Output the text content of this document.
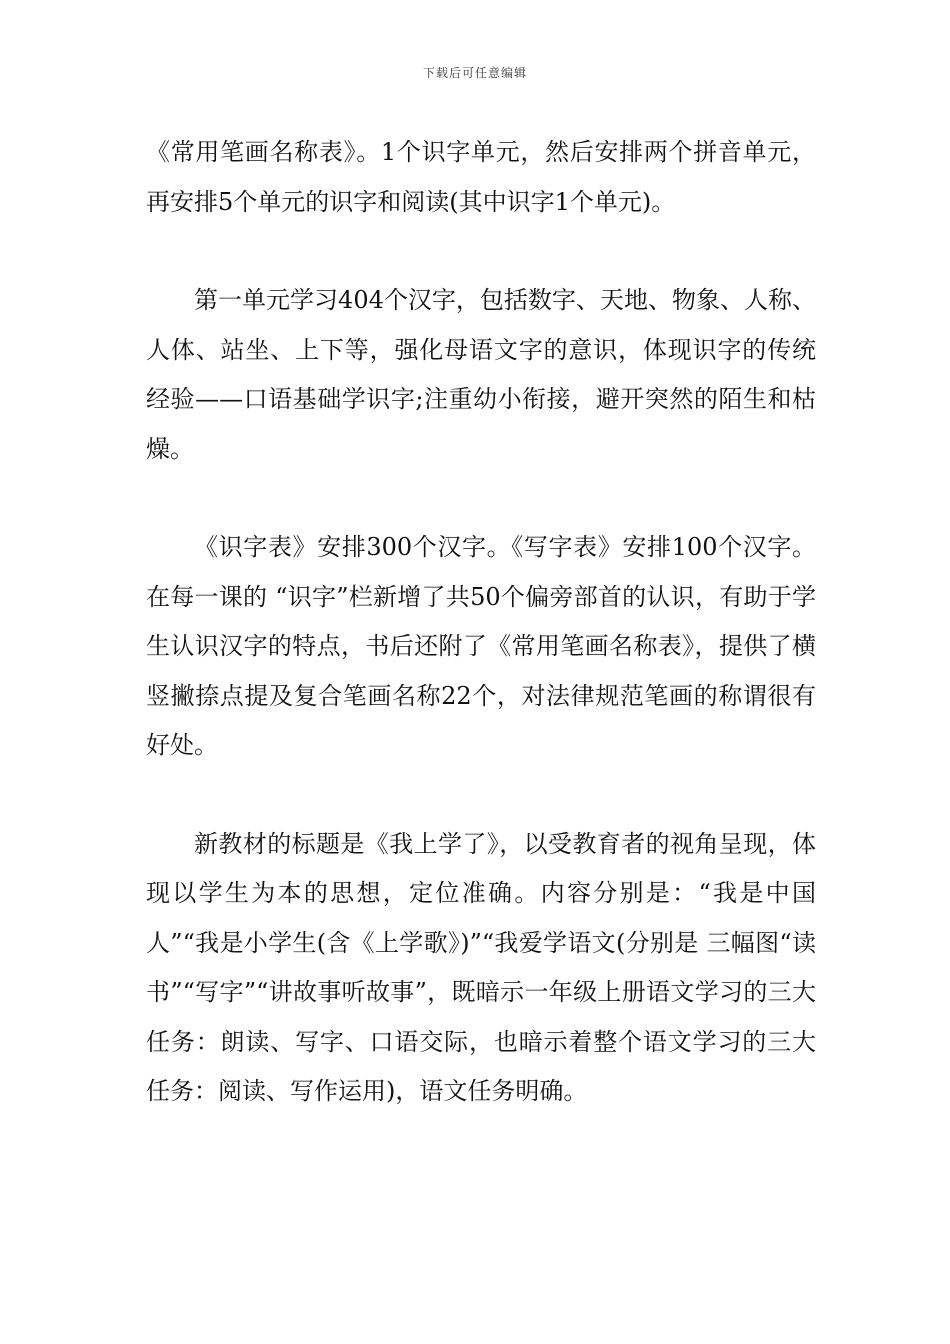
下载后可任意编辑

《常用笔画名称表》。1个识字单元，然后安排两个拼音单元，再安排5个单元的识字和阅读(其中识字1个单元)。

第一单元学习404个汉字，包括数字、天地、物象、人称、人体、站坐、上下等，强化母语文字的意识，体现识字的传统经验——口语基础学识字;注重幼小衔接，避开突然的陌生和枯燥。

《识字表》安排300个汉字。《写字表》安排100个汉字。在每一课的 “识字”栏新增了共50个偏旁部首的认识，有助于学生认识汉字的特点，书后还附了《常用笔画名称表》，提供了横竖撇捺点提及复合笔画名称22个，对法律规范笔画的称谓很有好处。

新教材的标题是《我上学了》，以受教育者的视角呈现，体现以学生为本的思想，定位准确。内容分别是：“我是中国人”“我是小学生(含《上学歌》)”“我爱学语文(分别是 三幅图“读书”“写字”“讲故事听故事”，既暗示一年级上册语文学习的三大任务：朗读、写字、口语交际，也暗示着整个语文学习的三大任务：阅读、写作运用)，语文任务明确。
